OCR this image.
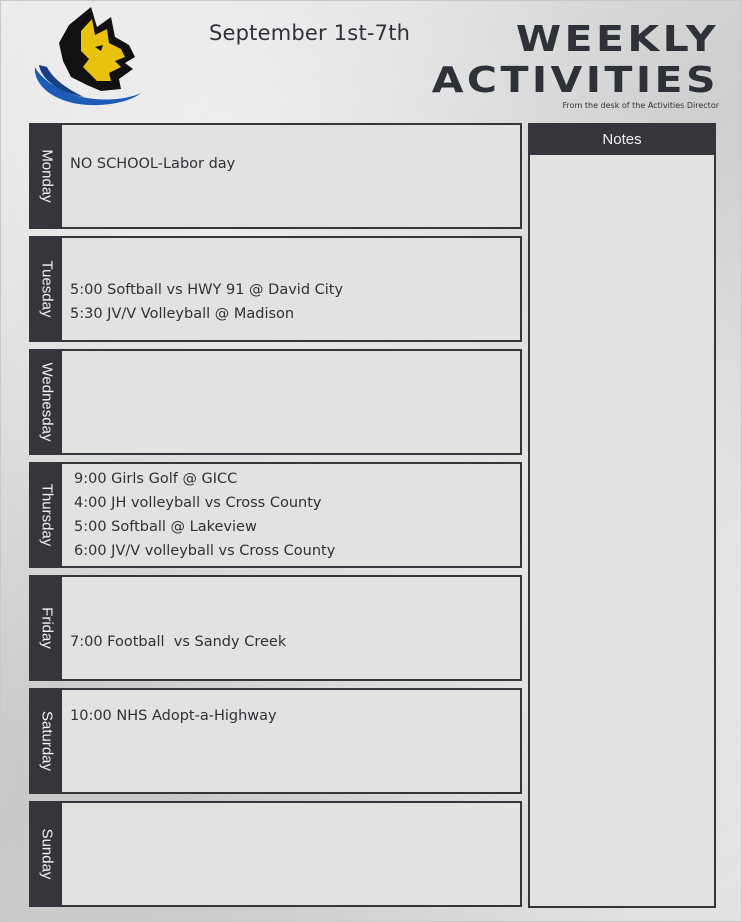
September 1st-7th	WEEKLY
ACTIVITIES
From the desk of the Activities Director
Monday NO SCHOOL-Labor day
Tuesday 5:00 Softball vs HWY 91 @ David City
5:30 JV/V Volleyball @ Madison
Wednesday
Thursday
9:00 Girls Golf @ GICC
4:00 JH volleyball vs Cross County
5:00 Softball @ Lakeview
6:00 JV/V volleyball vs Cross County
Friday 7:00 Football  vs Sandy Creek
Saturday 10:00 NHS Adopt-a-Highway
Sunday
Notes
